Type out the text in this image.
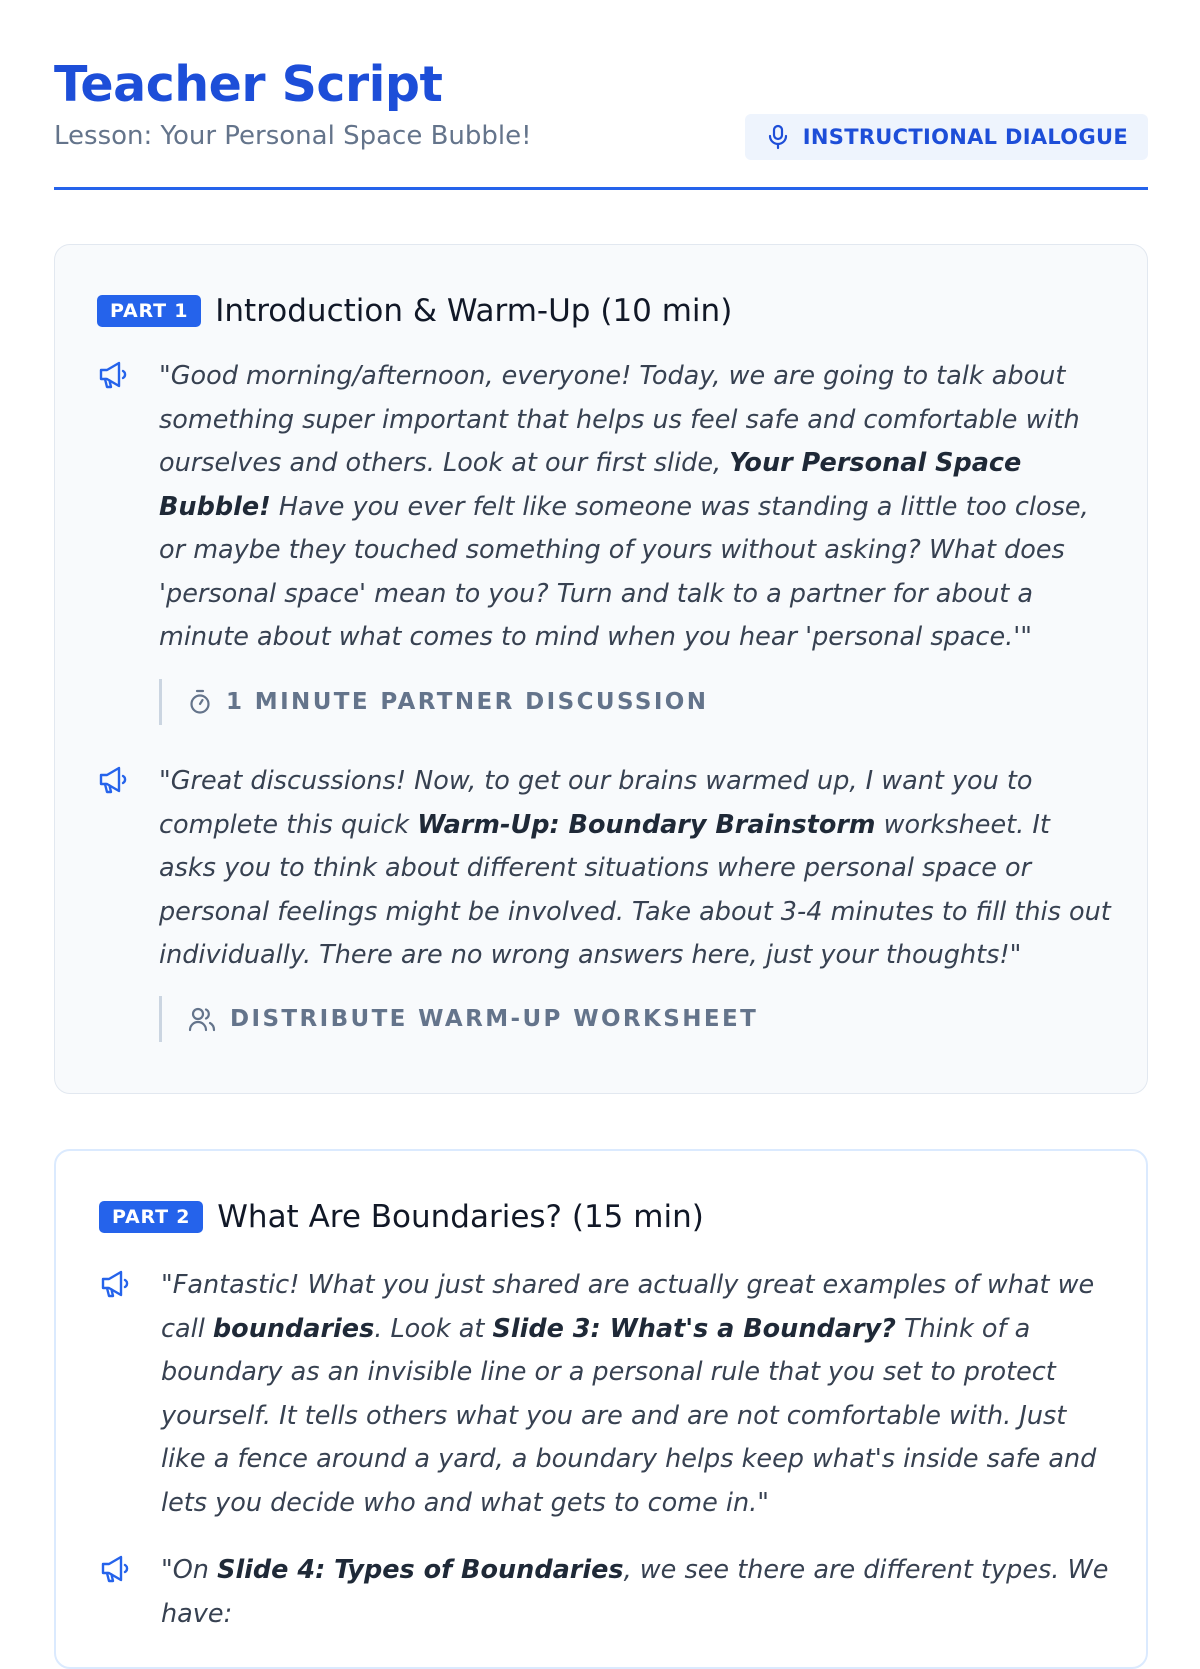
Teacher Script
Lesson: Your Personal Space Bubble!	INSTRUCTIONAL DIALOGUE
PART 1 Introduction & Warm-Up (10 min)

"Good morning/afternoon, everyone! Today, we are going to talk about something super important that helps us feel safe and comfortable with ourselves and others. Look at our first slide, Your Personal Space Bubble! Have you ever felt like someone was standing a little too close, or maybe they touched something of yours without asking? What does 'personal space' mean to you? Turn and talk to a partner for about a minute about what comes to mind when you hear 'personal space.'"

1 MINUTE PARTNER DISCUSSION

"Great discussions! Now, to get our brains warmed up, I want you to complete this quick Warm-Up: Boundary Brainstorm worksheet. It asks you to think about different situations where personal space or personal feelings might be involved. Take about 3-4 minutes to fill this out individually. There are no wrong answers here, just your thoughts!"

DISTRIBUTE WARM-UP WORKSHEET
PART 2 What Are Boundaries? (15 min)

"Fantastic! What you just shared are actually great examples of what we call boundaries. Look at Slide 3: What's a Boundary? Think of a boundary as an invisible line or a personal rule that you set to protect yourself. It tells others what you are and are not comfortable with. Just like a fence around a yard, a boundary helps keep what's inside safe and lets you decide who and what gets to come in."

"On Slide 4: Types of Boundaries, we see there are different types. We have:
